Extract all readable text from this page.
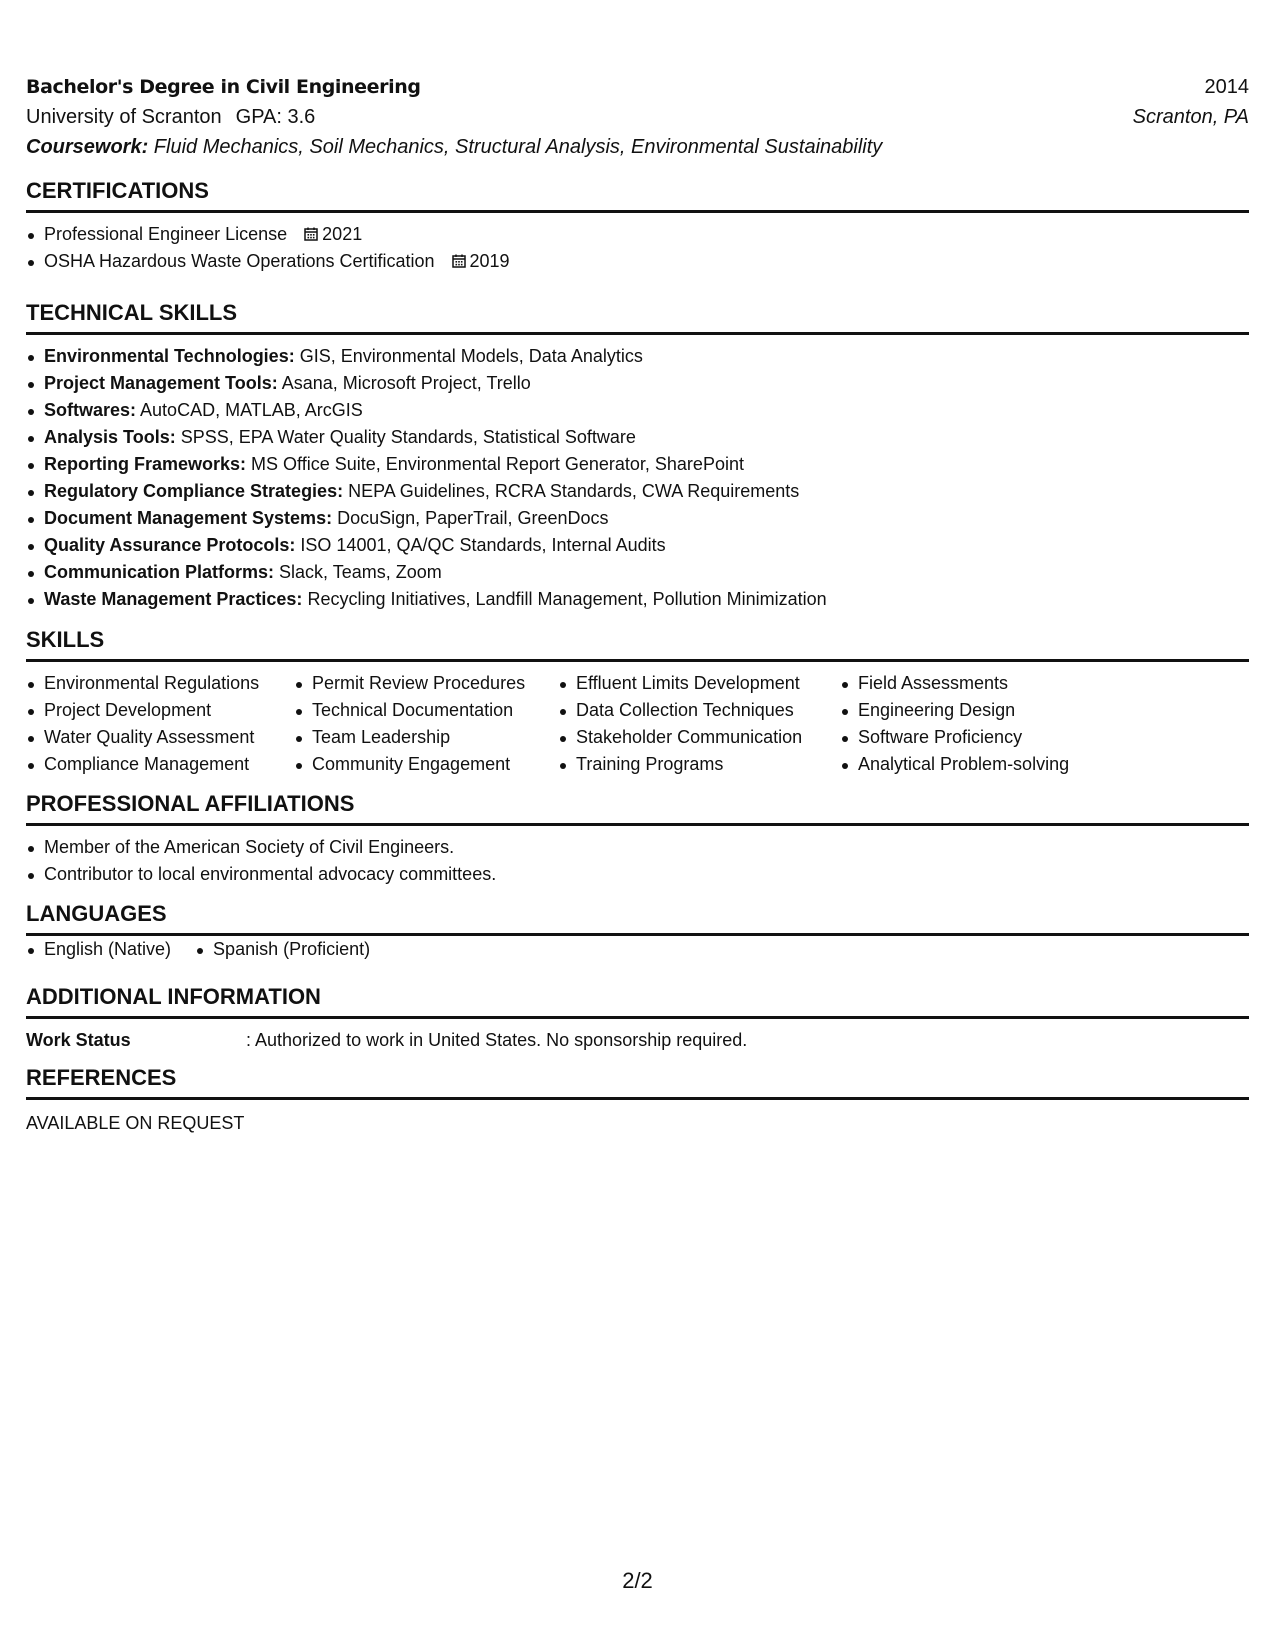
Bachelor's Degree in Civil Engineering	2014
University of Scranton GPA: 3.6	Scranton, PA
Coursework: Fluid Mechanics, Soil Mechanics, Structural Analysis, Environmental Sustainability
CERTIFICATIONS
Professional Engineer License 2021
OSHA Hazardous Waste Operations Certification 2019
TECHNICAL SKILLS
Environmental Technologies: GIS, Environmental Models, Data Analytics
Project Management Tools: Asana, Microsoft Project, Trello
Softwares: AutoCAD, MATLAB, ArcGIS
Analysis Tools: SPSS, EPA Water Quality Standards, Statistical Software
Reporting Frameworks: MS Office Suite, Environmental Report Generator, SharePoint
Regulatory Compliance Strategies: NEPA Guidelines, RCRA Standards, CWA Requirements
Document Management Systems: DocuSign, PaperTrail, GreenDocs
Quality Assurance Protocols: ISO 14001, QA/QC Standards, Internal Audits
Communication Platforms: Slack, Teams, Zoom
Waste Management Practices: Recycling Initiatives, Landfill Management, Pollution Minimization
SKILLS
Environmental Regulations
Project Development
Water Quality Assessment
Compliance Management
Permit Review Procedures
Technical Documentation
Team Leadership
Community Engagement
Effluent Limits Development
Data Collection Techniques
Stakeholder Communication
Training Programs
Field Assessments
Engineering Design
Software Proficiency
Analytical Problem-solving
PROFESSIONAL AFFILIATIONS
Member of the American Society of Civil Engineers.
Contributor to local environmental advocacy committees.
LANGUAGES
English (Native)	Spanish (Proficient)
ADDITIONAL INFORMATION
Work Status	: Authorized to work in United States. No sponsorship required.
REFERENCES
AVAILABLE ON REQUEST
2/2
